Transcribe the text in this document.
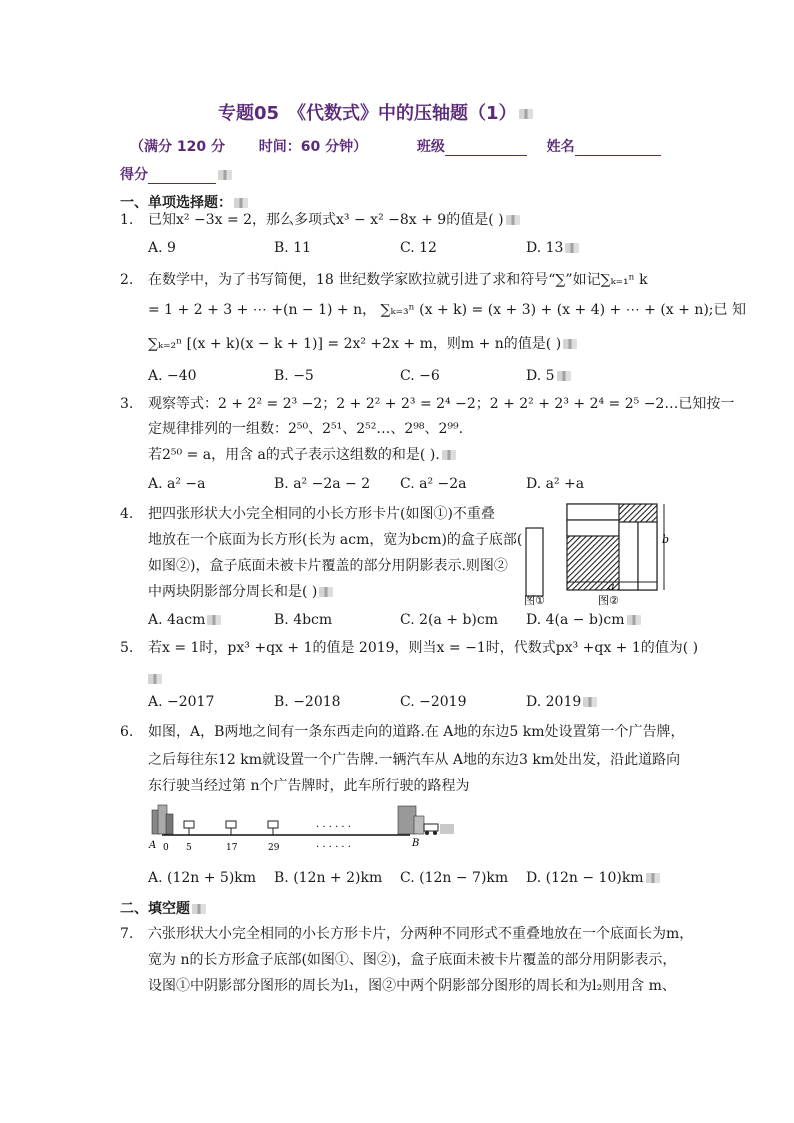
专题05　《代数式》中的压轴题（1）
（满分 120 分 时间：60 分钟）	班级	姓名
得分
一、单项选择题：
1. 已知x² −3x = 2，那么多项式x³ − x² −8x + 9的值是( )
A. 9	B. 11	C. 12	D. 13
2. 在数学中，为了书写简便，18 世纪数学家欧拉就引进了求和符号“∑”如记∑ₖ₌₁ⁿ k
= 1 + 2 + 3 + ⋯ +(n − 1) + n， ∑ₖ₌₃ⁿ (x + k) = (x + 3) + (x + 4) + ⋯ + (x + n);已 知
∑ₖ₌₂ⁿ [(x + k)(x − k + 1)] = 2x² +2x + m，则m + n的值是( )
A. −40	B. −5	C. −6	D. 5
3. 观察等式：2 + 2² = 2³ −2；2 + 2² + 2³ = 2⁴ −2；2 + 2² + 2³ + 2⁴ = 2⁵ −2…已知按一
定规律排列的一组数：2⁵⁰、2⁵¹、2⁵²…、2⁹⁸、2⁹⁹.
若2⁵⁰ = a，用含 a的式子表示这组数的和是( ).
A. a² −a	B. a² −2a − 2 C. a² −2a	D. a² +a
4. 把四张形状大小完全相同的小长方形卡片(如图①)不重叠
地放在一个底面为长方形(长为 acm，宽为bcm)的盒子底部(
如图②)，盒子底面未被卡片覆盖的部分用阴影表示.则图②
中两块阴影部分周长和是( )
b
a
图①	图②
A. 4acm	B. 4bcm	C. 2(a + b)cm D. 4(a − b)cm
5. 若x = 1时，px³ +qx + 1的值是 2019，则当x = −1时，代数式px³ +qx + 1的值为( )
A. −2017	B. −2018	C. −2019	D. 2019
6. 如图，A，B两地之间有一条东西走向的道路.在 A地的东边5 km处设置第一个广告牌，
之后每往东12 km就设置一个广告牌.一辆汽车从 A地的东边3 km处出发，沿此道路向
东行驶当经过第 n个广告牌时，此车所行驶的路程为
A 0 5	17	29
· · · · · ·
· · · · · ·	B
A. (12n + 5)km B. (12n + 2)km C. (12n − 7)km D. (12n − 10)km
二、填空题
7. 六张形状大小完全相同的小长方形卡片，分两种不同形式不重叠地放在一个底面长为m，
宽为 n的长方形盒子底部(如图①、图②)，盒子底面未被卡片覆盖的部分用阴影表示，
设图①中阴影部分图形的周长为l₁，图②中两个阴影部分图形的周长和为l₂则用含 m、
